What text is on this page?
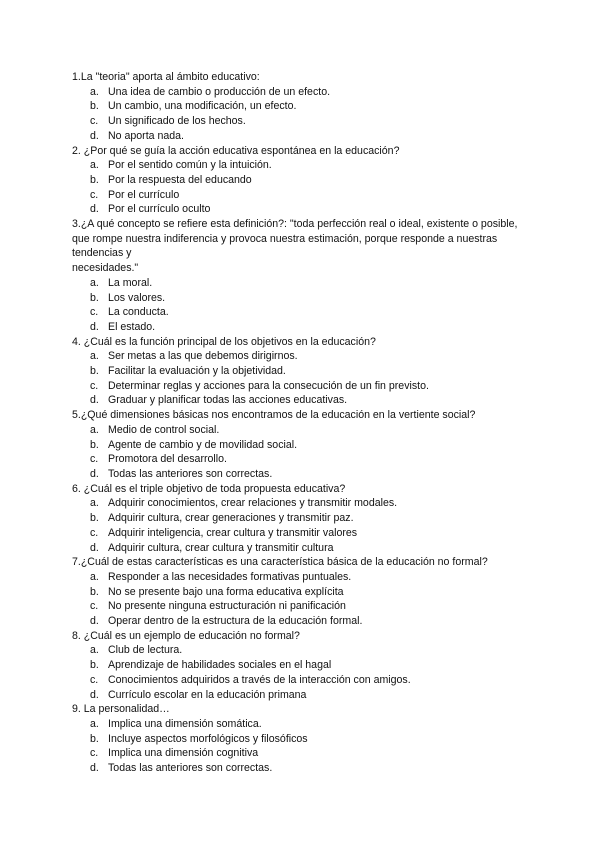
1.La "teoria" aporta al ámbito educativo:
a. Una idea de cambio o producción de un efecto.
b. Un cambio, una modificación, un efecto.
c. Un significado de los hechos.
d. No aporta nada.
2. ¿Por qué se guía la acción educativa espontánea en la educación?
a. Por el sentido común y la intuición.
b. Por la respuesta del educando
c. Por el currículo
d. Por el currículo oculto
3.¿A qué concepto se refiere esta definición?: "toda perfección real o ideal, existente o posible, que rompe nuestra indiferencia y provoca nuestra estimación, porque responde a nuestras tendencias y
necesidades."
a. La moral.
b. Los valores.
c. La conducta.
d. El estado.
4. ¿Cuál es la función principal de los objetivos en la educación?
a. Ser metas a las que debemos dirigirnos.
b. Facilitar la evaluación y la objetividad.
c. Determinar reglas y acciones para la consecución de un fin previsto.
d. Graduar y planificar todas las acciones educativas.
5.¿Qué dimensiones básicas nos encontramos de la educación en la vertiente social?
a. Medio de control social.
b. Agente de cambio y de movilidad social.
c. Promotora del desarrollo.
d. Todas las anteriores son correctas.
6. ¿Cuál es el triple objetivo de toda propuesta educativa?
a. Adquirir conocimientos, crear relaciones y transmitir modales.
b. Adquirir cultura, crear generaciones y transmitir paz.
c. Adquirir inteligencia, crear cultura y transmitir valores
d. Adquirir cultura, crear cultura y transmitir cultura
7.¿Cuál de estas características es una característica básica de la educación no formal?
a. Responder a las necesidades formativas puntuales.
b. No se presente bajo una forma educativa explícita
c. No presente ninguna estructuración ni panificación
d. Operar dentro de la estructura de la educación formal.
8. ¿Cuál es un ejemplo de educación no formal?
a. Club de lectura.
b. Aprendizaje de habilidades sociales en el hagal
c. Conocimientos adquiridos a través de la interacción con amigos.
d. Currículo escolar en la educación primana
9. La personalidad…
a. Implica una dimensión somática.
b. Incluye aspectos morfológicos y filosóficos
c. Implica una dimensión cognitiva
d. Todas las anteriores son correctas.
